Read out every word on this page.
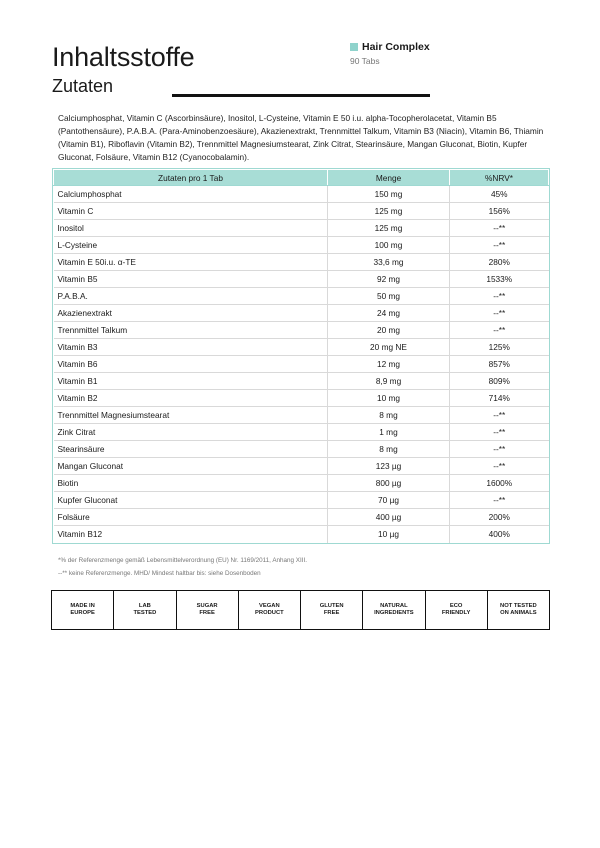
Inhaltsstoffe
Zutaten
Hair Complex
90 Tabs

Calciumphosphat, Vitamin C (Ascorbinsäure), Inositol, L-Cysteine, Vitamin E 50 i.u. alpha-Tocopherolacetat, Vitamin B5 (Pantothensäure), P.A.B.A. (Para-Aminobenzoesäure), Akazienextrakt, Trennmittel Talkum, Vitamin B3 (Niacin), Vitamin B6, Thiamin (Vitamin B1), Riboflavin (Vitamin B2), Trennmittel Magnesiumstearat, Zink Citrat, Stearinsäure, Mangan Gluconat, Biotin, Kupfer Gluconat, Folsäure, Vitamin B12 (Cyanocobalamin).

Zutaten pro 1 Tab	Menge	%NRV*
Calciumphosphat	150 mg	45%
Vitamin C	125 mg	156%
Inositol	125 mg	--**
L-Cysteine	100 mg	--**
Vitamin E 50i.u. α-TE	33,6 mg	280%
Vitamin B5	92 mg	1533%
P.A.B.A.	50 mg	--**
Akazienextrakt	24 mg	--**
Trennmittel Talkum	20 mg	--**
Vitamin B3	20 mg NE	125%
Vitamin B6	12 mg	857%
Vitamin B1	8,9 mg	809%
Vitamin B2	10 mg	714%
Trennmittel Magnesiumstearat	8 mg	--**
Zink Citrat	1 mg	--**
Stearinsäure	8 mg	--**
Mangan Gluconat	123 µg	--**
Biotin	800 µg	1600%
Kupfer Gluconat	70 µg	--**
Folsäure	400 µg	200%
Vitamin B12	10 µg	400%
*% der Referenzmenge gemäß Lebensmittelverordnung (EU) Nr. 1169/2011, Anhang XIII.
--** keine Referenzmenge. MHD/ Mindest haltbar bis: siehe Dosenboden
MADE IN
EUROPE
LAB
TESTED
SUGAR
FREE
VEGAN
PRODUCT
GLUTEN
FREE
NATURAL
INGREDIENTS
ECO
FRIENDLY
NOT TESTED
ON ANIMALS
